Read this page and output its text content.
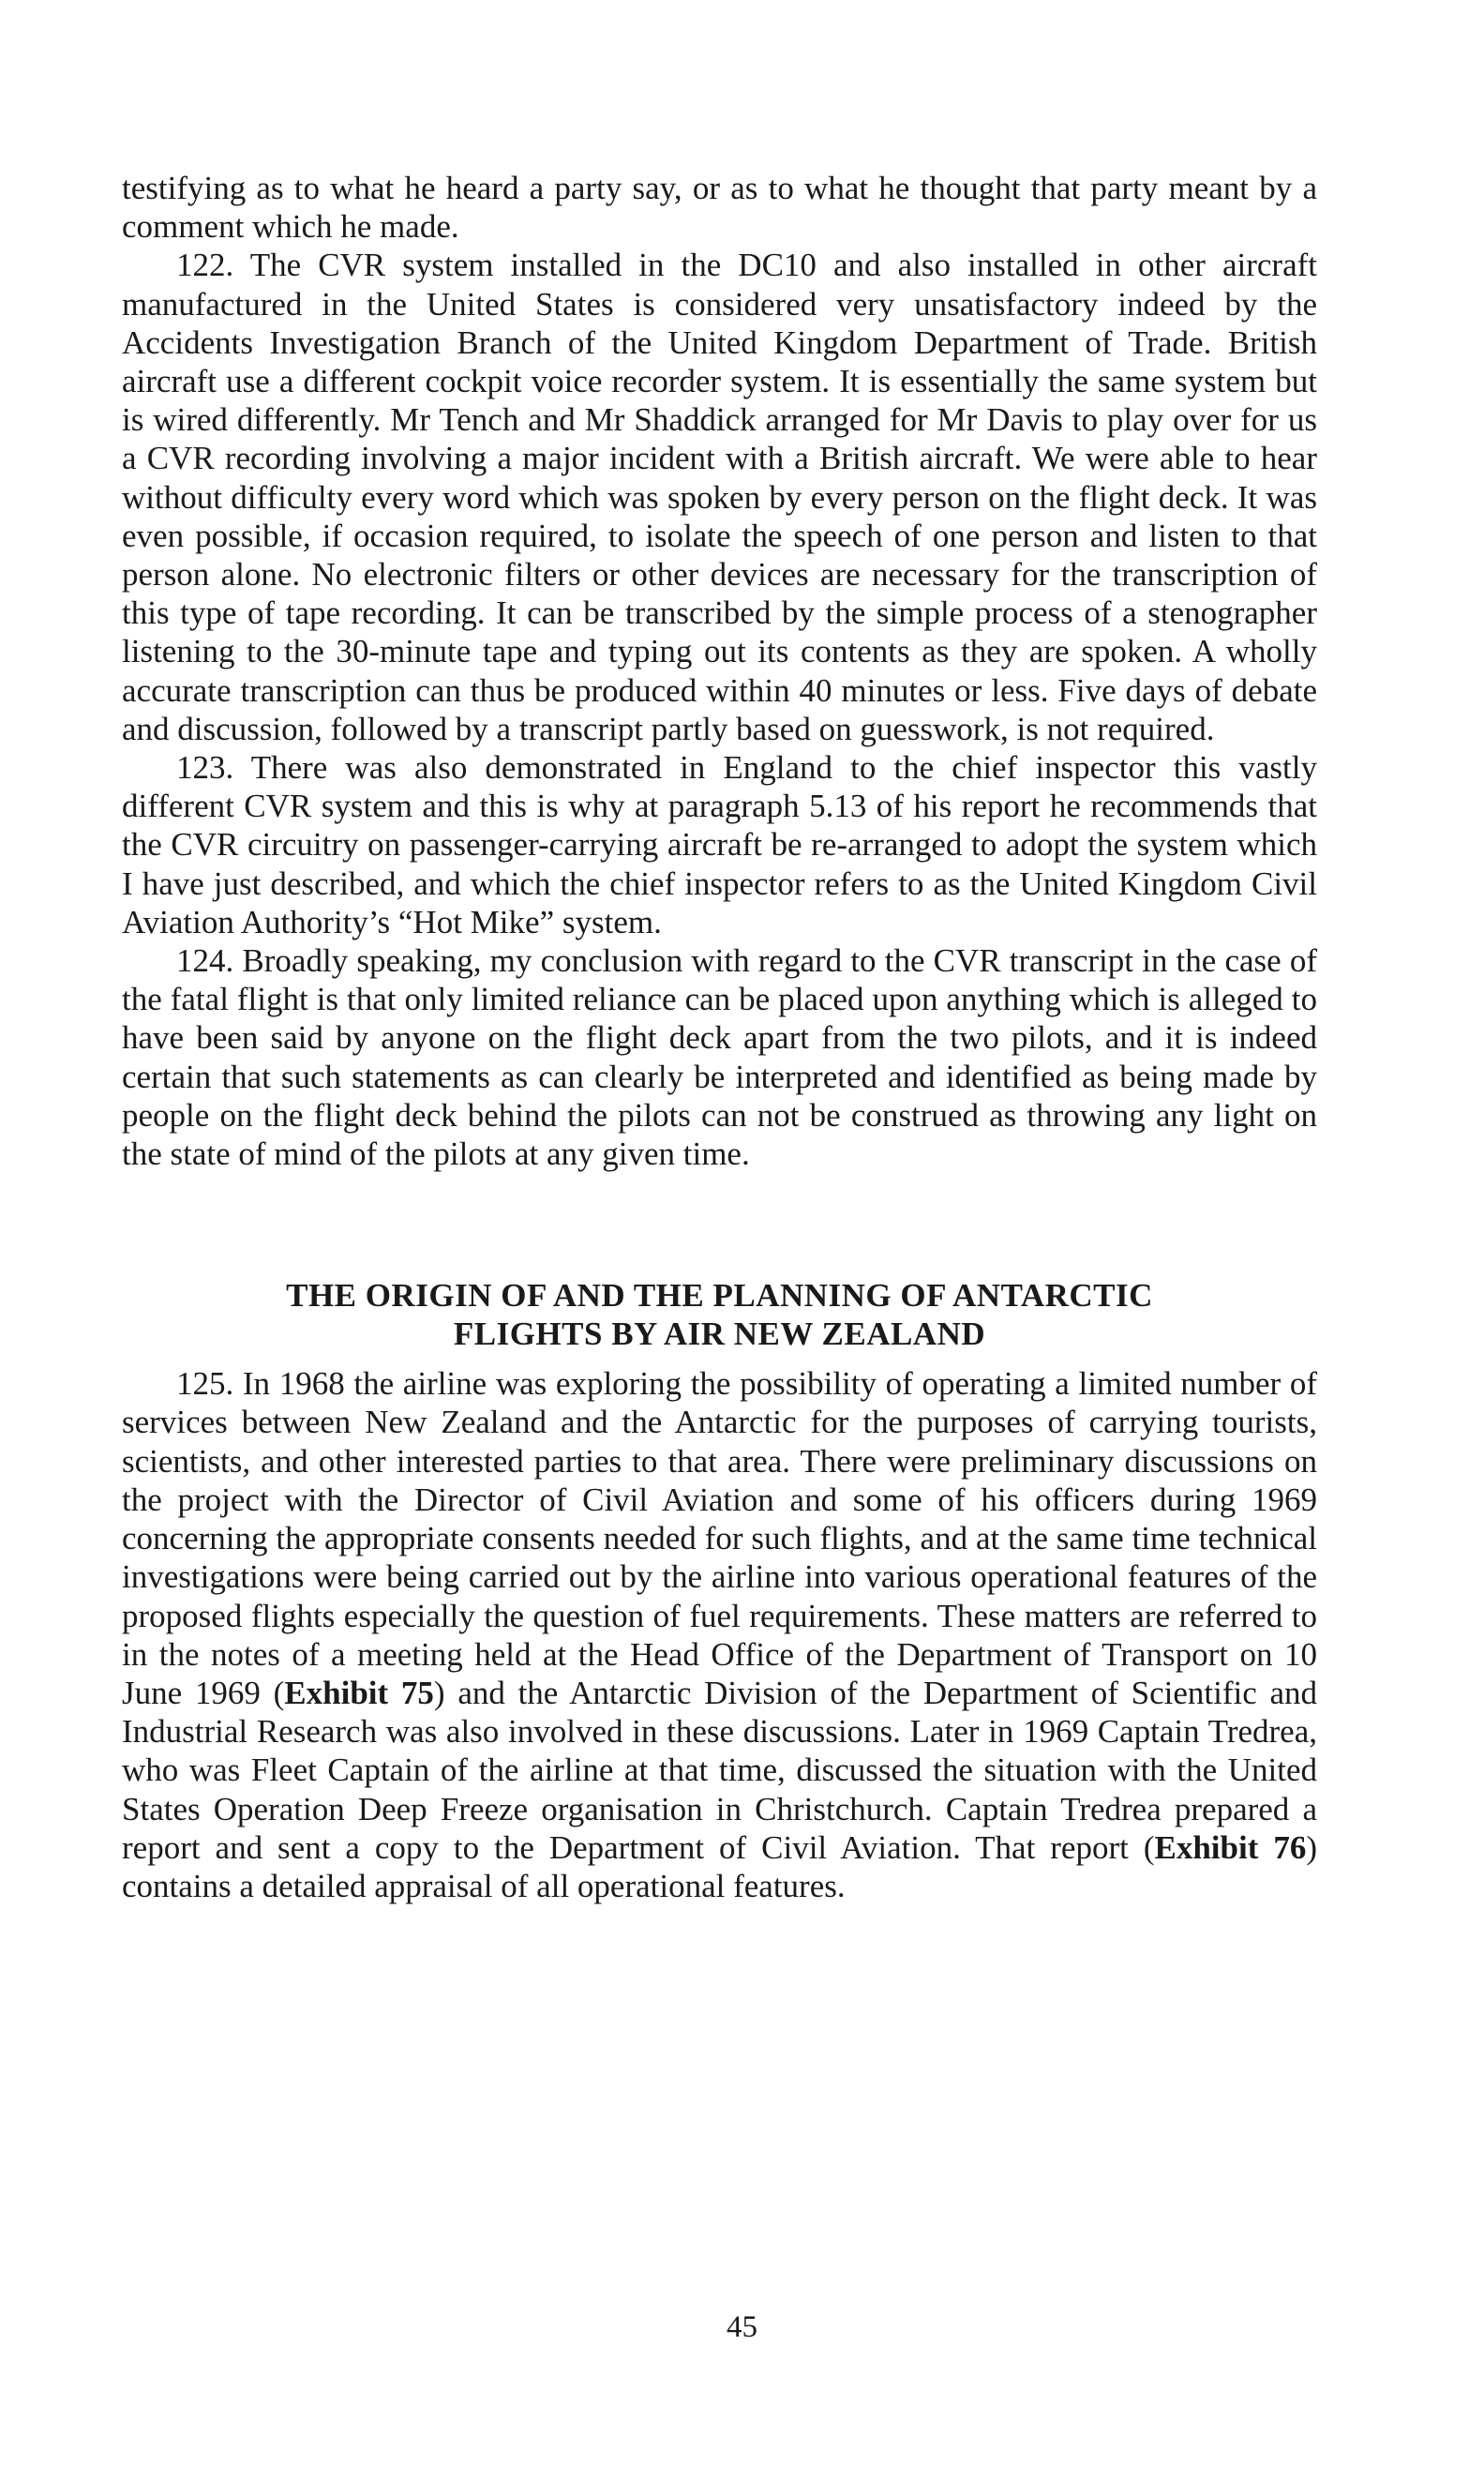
testifying as to what he heard a party say, or as to what he thought that party meant by a comment which he made.

122. The CVR system installed in the DC10 and also installed in other aircraft manufactured in the United States is considered very unsatisfactory indeed by the Accidents Investigation Branch of the United Kingdom Department of Trade. British aircraft use a different cockpit voice recorder system. It is essentially the same system but is wired differently. Mr Tench and Mr Shaddick arranged for Mr Davis to play over for us a CVR recording involving a major incident with a British aircraft. We were able to hear without difficulty every word which was spoken by every person on the flight deck. It was even possible, if occasion required, to isolate the speech of one person and listen to that person alone. No electronic filters or other devices are necessary for the transcription of this type of tape recording. It can be transcribed by the simple process of a stenographer listening to the 30-minute tape and typing out its contents as they are spoken. A wholly accurate transcription can thus be produced within 40 minutes or less. Five days of debate and discussion, followed by a transcript partly based on guesswork, is not required.

123. There was also demonstrated in England to the chief inspector this vastly different CVR system and this is why at paragraph 5.13 of his report he recommends that the CVR circuitry on passenger-carrying aircraft be re-arranged to adopt the system which I have just described, and which the chief inspector refers to as the United Kingdom Civil Aviation Authority’s “Hot Mike” system.

124. Broadly speaking, my conclusion with regard to the CVR transcript in the case of the fatal flight is that only limited reliance can be placed upon anything which is alleged to have been said by anyone on the flight deck apart from the two pilots, and it is indeed certain that such statements as can clearly be interpreted and identified as being made by people on the flight deck behind the pilots can not be construed as throwing any light on the state of mind of the pilots at any given time.

THE ORIGIN OF AND THE PLANNING OF ANTARCTIC
FLIGHTS BY AIR NEW ZEALAND

125. In 1968 the airline was exploring the possibility of operating a limited number of services between New Zealand and the Antarctic for the purposes of carrying tourists, scientists, and other interested parties to that area. There were preliminary discussions on the project with the Director of Civil Aviation and some of his officers during 1969 concerning the appropriate consents needed for such flights, and at the same time technical investigations were being carried out by the airline into various operational features of the proposed flights especially the question of fuel requirements. These matters are referred to in the notes of a meeting held at the Head Office of the Department of Transport on 10 June 1969 (Exhibit 75) and the Antarctic Division of the Department of Scientific and Industrial Research was also involved in these discussions. Later in 1969 Captain Tredrea, who was Fleet Captain of the airline at that time, discussed the situation with the United States Operation Deep Freeze organisation in Christchurch. Captain Tredrea prepared a report and sent a copy to the Department of Civil Aviation. That report (Exhibit 76) contains a detailed appraisal of all operational features.

45
